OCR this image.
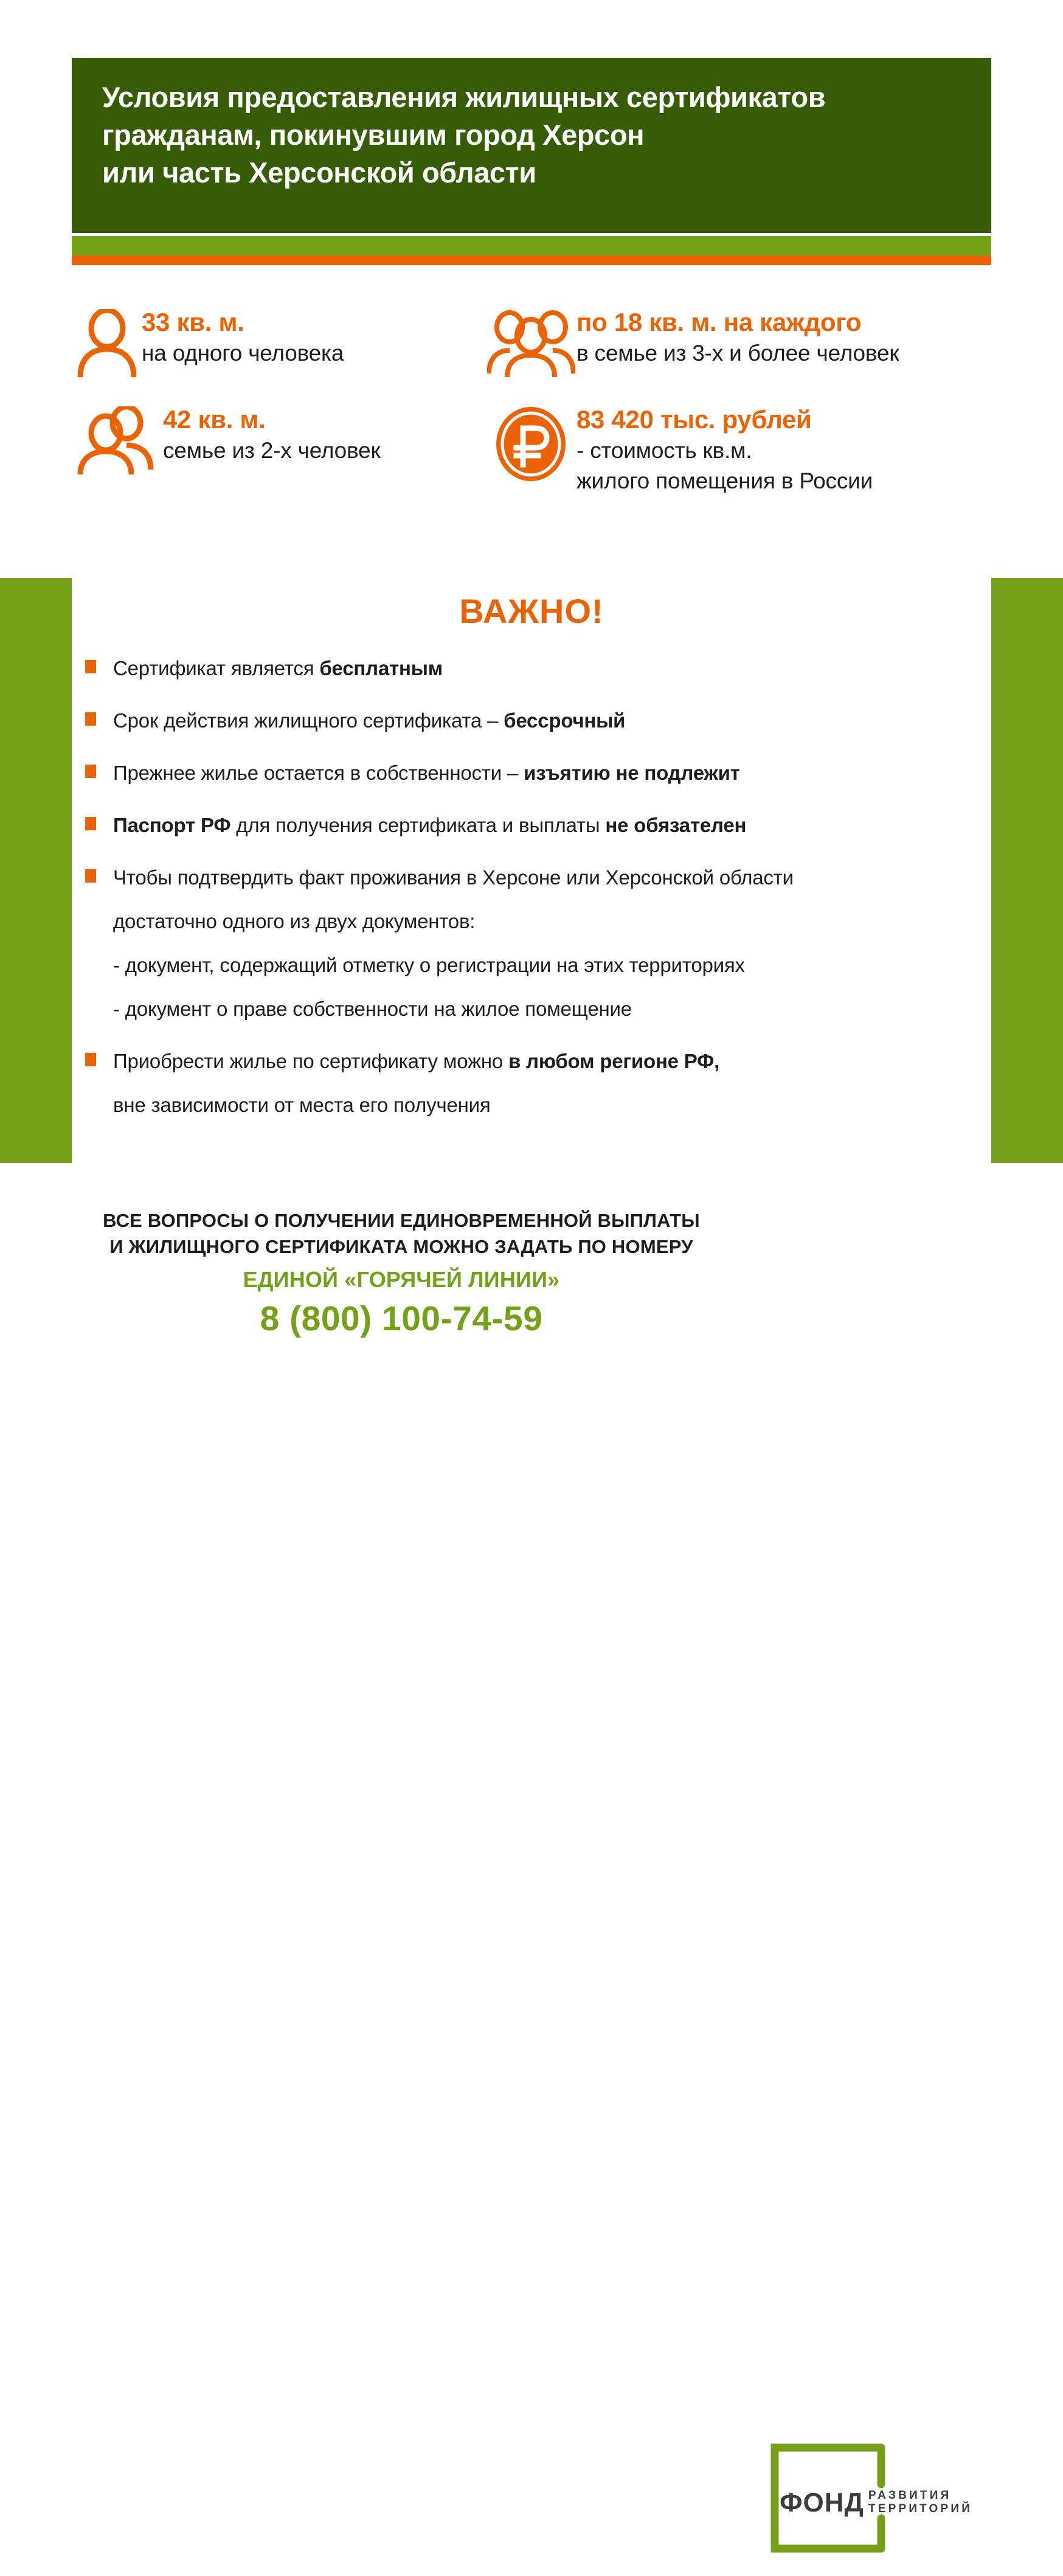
Условия предоставления жилищных сертификатов
гражданам, покинувшим город Херсон
или часть Херсонской области
33 кв. м.
на одного человека
по 18 кв. м. на каждого
в семье из 3-х и более человек
42 кв. м.
семье из 2-х человек
83 420 тыс. рублей
- стоимость кв.м.
жилого помещения в России
ВАЖНО!
Сертификат является бесплатным
Срок действия жилищного сертификата – бессрочный
Прежнее жилье остается в собственности – изъятию не подлежит
Паспорт РФ для получения сертификата и выплаты не обязателен
Чтобы подтвердить факт проживания в Херсоне или Херсонской области
достаточно одного из двух документов:
- документ, содержащий отметку о регистрации на этих территориях
- документ о праве собственности на жилое помещение
Приобрести жилье по сертификату можно в любом регионе РФ,
вне зависимости от места его получения
ВСЕ ВОПРОСЫ О ПОЛУЧЕНИИ ЕДИНОВРЕМЕННОЙ ВЫПЛАТЫ
И ЖИЛИЩНОГО СЕРТИФИКАТА МОЖНО ЗАДАТЬ ПО НОМЕРУ
ЕДИНОЙ «ГОРЯЧЕЙ ЛИНИИ»
8 (800) 100-74-59
ФОНД РАЗВИТИЯ
ТЕРРИТОРИЙ
